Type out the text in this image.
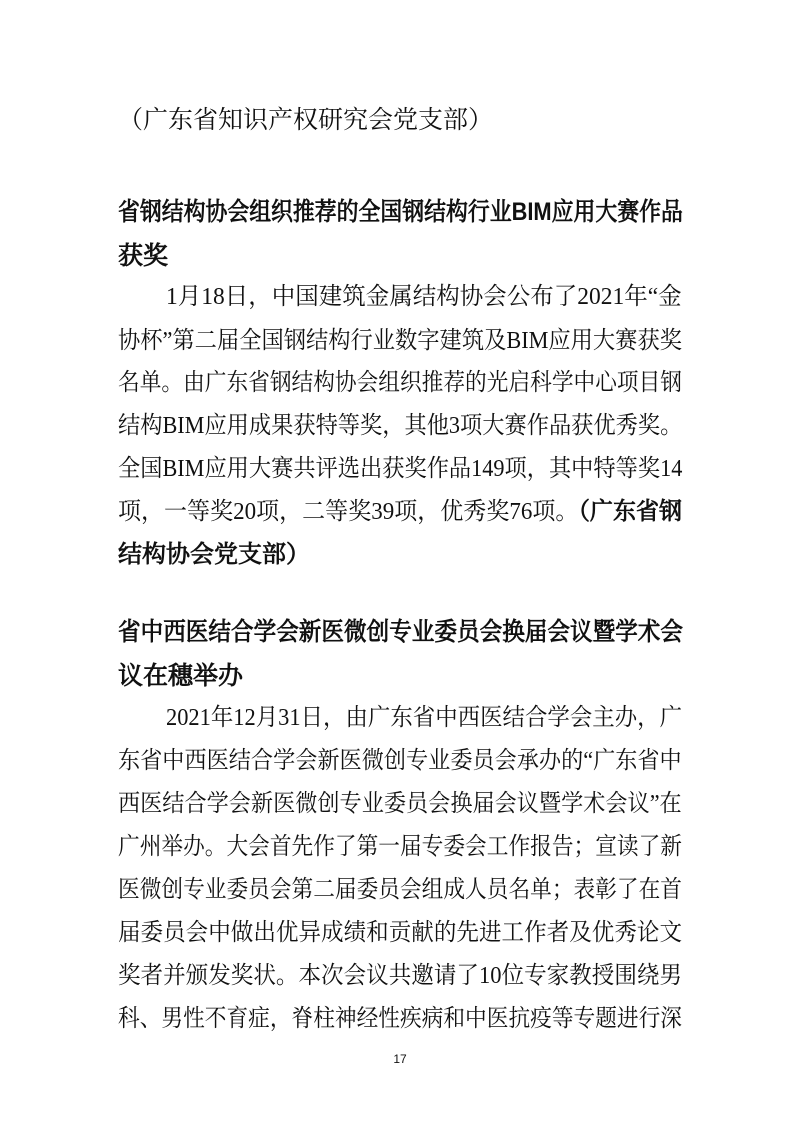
（广东省知识产权研究会党支部）
省钢结构协会组织推荐的全国钢结构行业BIM应用大赛作品
获奖
1月18日，中国建筑金属结构协会公布了2021年“金
协杯”第二届全国钢结构行业数字建筑及BIM应用大赛获奖
名单。由广东省钢结构协会组织推荐的光启科学中心项目钢
结构BIM应用成果获特等奖，其他3项大赛作品获优秀奖。
全国BIM应用大赛共评选出获奖作品149项，其中特等奖14
项，一等奖20项，二等奖39项，优秀奖76项。（广东省钢
结构协会党支部）
省中西医结合学会新医微创专业委员会换届会议暨学术会
议在穗举办
2021年12月31日，由广东省中西医结合学会主办，广
东省中西医结合学会新医微创专业委员会承办的“广东省中
西医结合学会新医微创专业委员会换届会议暨学术会议”在
广州举办。大会首先作了第一届专委会工作报告；宣读了新
医微创专业委员会第二届委员会组成人员名单；表彰了在首
届委员会中做出优异成绩和贡献的先进工作者及优秀论文
奖者并颁发奖状。本次会议共邀请了10位专家教授围绕男
科、男性不育症，脊柱神经性疾病和中医抗疫等专题进行深
17
